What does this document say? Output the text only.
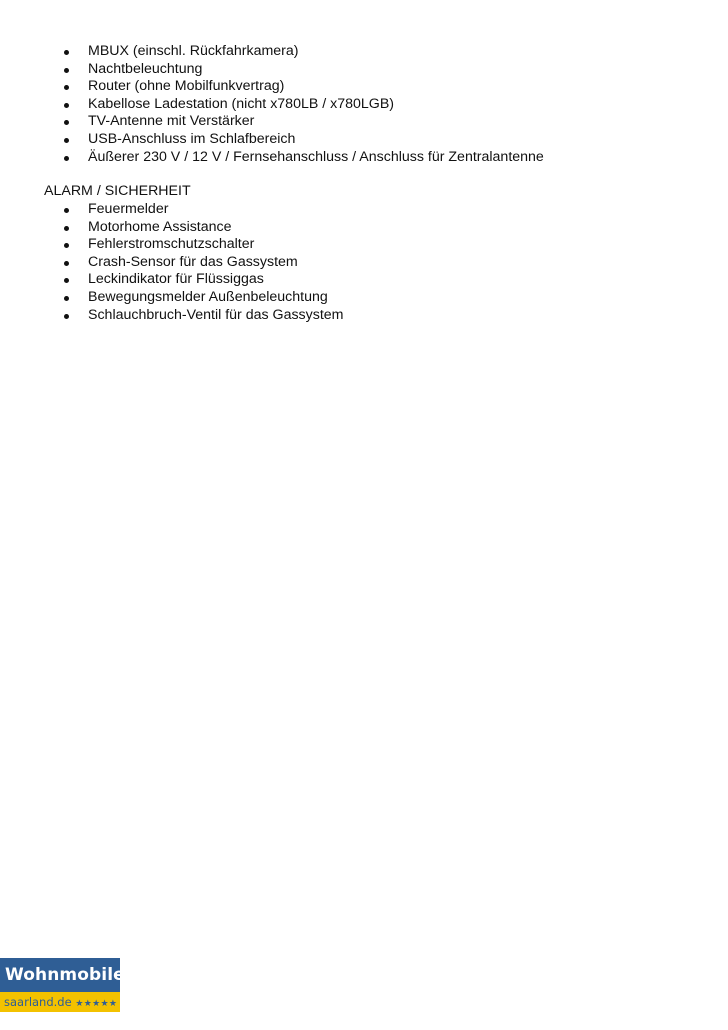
MBUX (einschl. Rückfahrkamera)
Nachtbeleuchtung
Router (ohne Mobilfunkvertrag)
Kabellose Ladestation (nicht x780LB / x780LGB)
TV-Antenne mit Verstärker
USB-Anschluss im Schlafbereich
Äußerer 230 V / 12 V / Fernsehanschluss / Anschluss für Zentralantenne
ALARM / SICHERHEIT
Feuermelder
Motorhome Assistance
Fehlerstromschutzschalter
Crash-Sensor für das Gassystem
Leckindikator für Flüssiggas
Bewegungsmelder Außenbeleuchtung
Schlauchbruch-Ventil für das Gassystem
Wohnmobile
saarland.de ★★★★★
